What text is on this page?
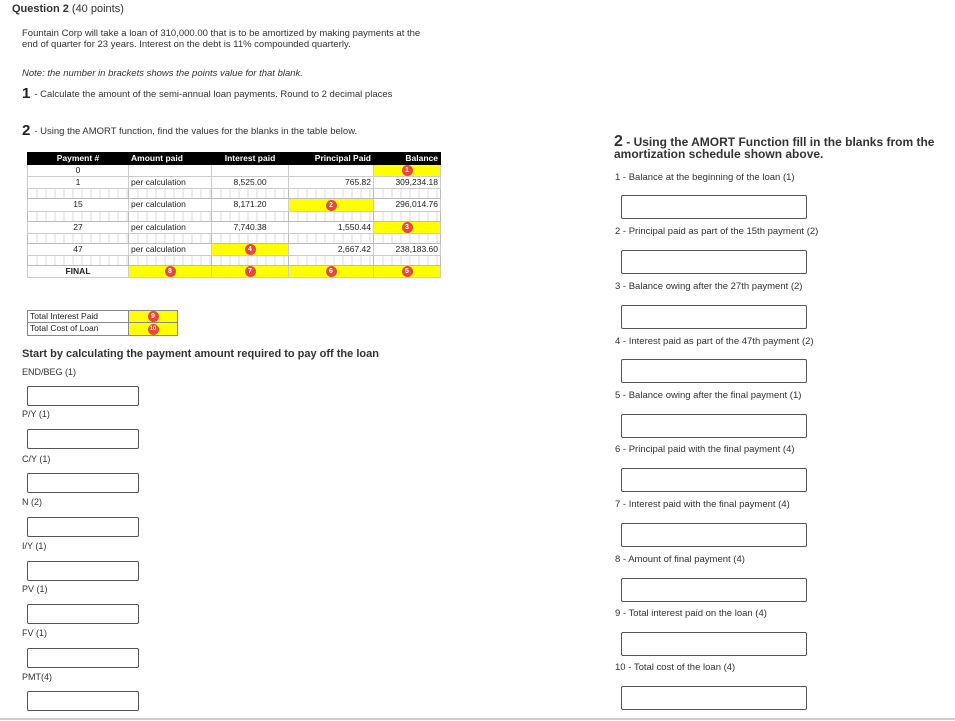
Question 2 (40 points)
Fountain Corp will take a loan of 310,000.00 that is to be amortized by making payments at the end of quarter for 23 years. Interest on the debt is 11% compounded quarterly.
Note: the number in brackets shows the points value for that blank.
1 - Calculate the amount of the semi-annual loan payments. Round to 2 decimal places
2 - Using the AMORT function, find the values for the blanks in the table below.
Payment #	Amount paid	Interest paid	Principal Paid	Balance
0				1
1	per calculation	8,525.00	765.82	309,234.18

15	per calculation	8,171.20	2	296,014.76

27	per calculation	7,740.38	1,550.44	3

47	per calculation	4	2,667.42	238,183.60

FINAL	8	7	6	5
Total Interest Paid	9
Total Cost of Loan	10
Start by calculating the payment amount required to pay off the loan
END/BEG (1)
P/Y (1)
C/Y (1)
N (2)
I/Y (1)
PV (1)
FV (1)
PMT(4)
2 - Using the AMORT Function fill in the blanks from the amortization schedule shown above.
1 - Balance at the beginning of the loan (1)
2 - Principal paid as part of the 15th payment (2)
3 - Balance owing after the 27th payment (2)
4 - Interest paid as part of the 47th payment (2)
5 - Balance owing after the final payment (1)
6 - Principal paid with the final payment (4)
7 - Interest paid with the final payment (4)
8 - Amount of final payment (4)
9 - Total interest paid on the loan (4)
10 - Total cost of the loan (4)
